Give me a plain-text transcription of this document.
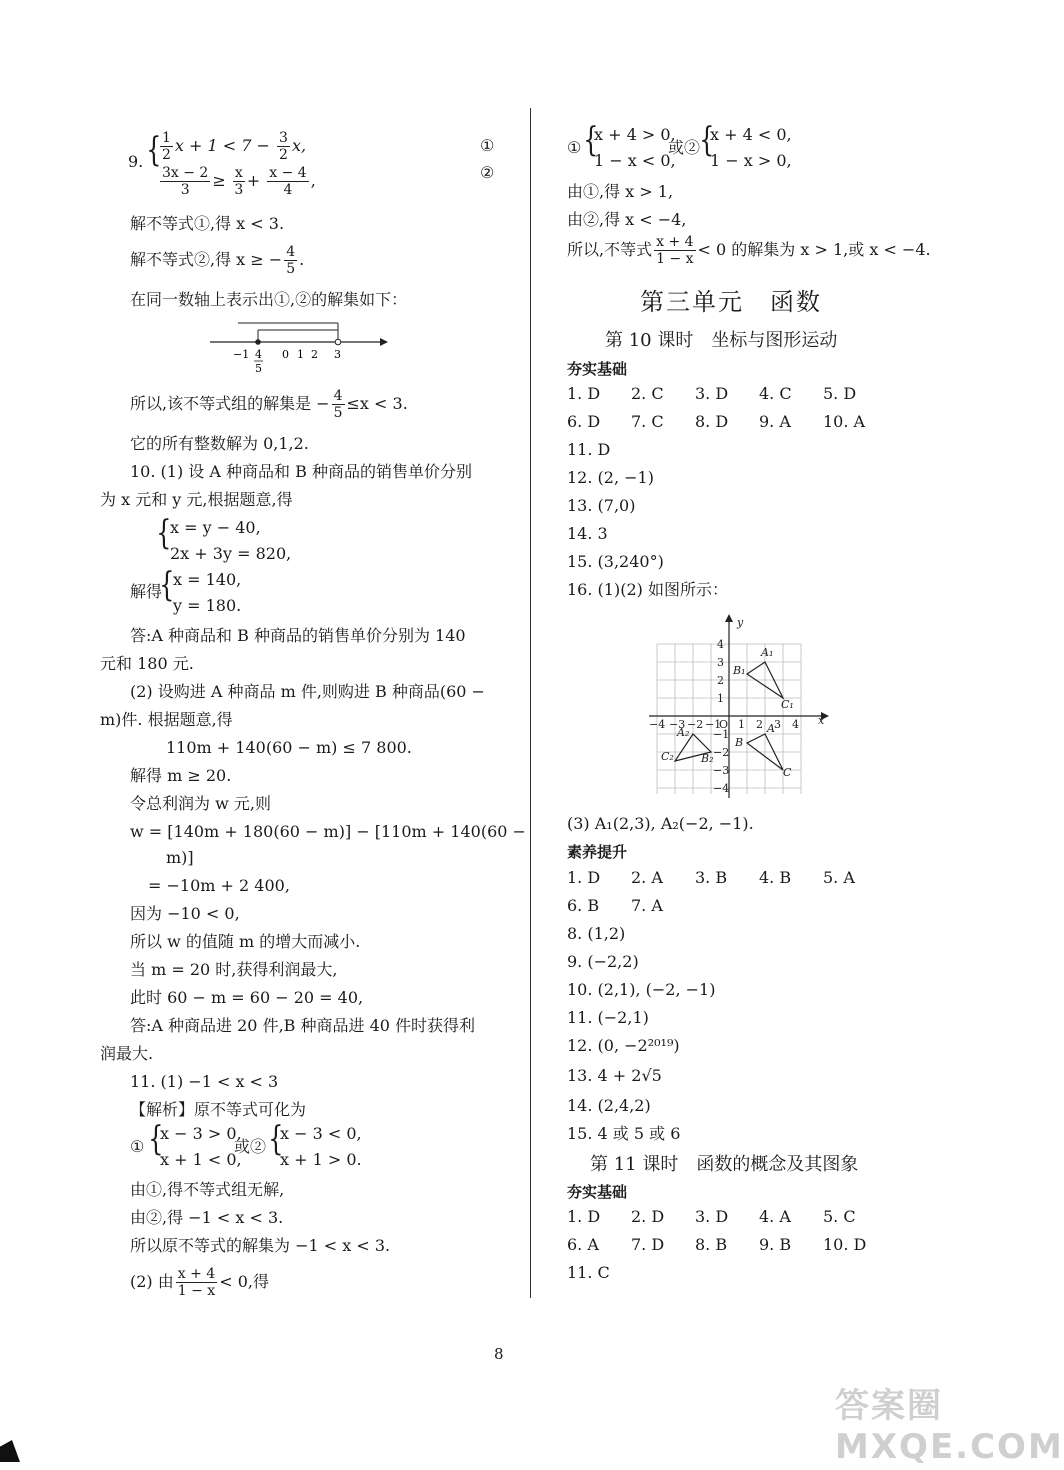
9. {
$\frac{1}{2}$ $x + 1 < 7 - \frac{3}{2} x$,
$\frac{3x - 2}{3} \ge \frac{x}{3} + \frac{x - 4}{4}$ ,
①
②
解不等式①,得 x < 3.
解不等式②,得 x ≥ − $\frac{4}{5}$ .
在同一数轴上表示出①,②的解集如下：
−1 4
5
0 1 2 3
所以,该不等式组的解集是 − $\frac{4}{5} \le x < 3$.
它的所有整数解为 0,1,2.
10. (1) 设 A 种商品和 B 种商品的销售单价分别
为 x 元和 y 元,根据题意,得
{
x = y − 40,
2x + 3y = 820,
解得
{
x = 140,
y = 180.
答:A 种商品和 B 种商品的销售单价分别为 140
元和 180 元.
(2) 设购进 A 种商品 m 件,则购进 B 种商品(60 −
m)件. 根据题意,得
110m + 140(60 − m) ≤ 7 800.
解得 m ≥ 20.
令总利润为 w 元,则
w = [140m + 180(60 − m)] − [110m + 140(60 −
m)]
= −10m + 2 400,
因为 −10 < 0,
所以 w 的值随 m 的增大而减小.
当 m = 20 时,获得利润最大,
此时 60 − m = 60 − 20 = 40,
答:A 种商品进 20 件,B 种商品进 40 件时获得利
润最大.
11. (1) −1 < x < 3
【解析】原不等式可化为
① {
x − 3 > 0,
x + 1 < 0,
或② {
x − 3 < 0,
x + 1 > 0.
由①,得不等式组无解,
由②,得 −1 < x < 3.
所以原不等式的解集为 −1 < x < 3.
(2) 由 $\frac{x + 4}{1 - x} < 0$,得
① {
x + 4 > 0,
1 − x < 0,
或② {
x + 4 < 0,
1 − x > 0,
由①,得 x > 1,
由②,得 x < −4,
所以,不等式 $\frac{x + 4}{1 - x} < 0$ 的解集为 x > 1,或 x < −4.
第三单元　函数
第 10 课时　坐标与图形运动
夯实基础
1. D	2. C	3. D	4. C	5. D
6. D	7. C	8. D	9. A	10. A
11. D
12. (2, −1)
13. (7,0)
14. 3
15. (3,240°)
16. (1)(2) 如图所示：
y
x
−4 −3 −2 −1
O 1 2 3 4
4
3
2
1
−1
−2
−3
−4
A₁
B₁
C₁
A
B
C
A₂
B₂
C₂
(3) A₁(2,3), A₂(−2, −1).
素养提升
1. D	2. A	3. B	4. B	5. A
6. B	7. A
8. (1,2)
9. (−2,2)
10. (2,1), (−2, −1)
11. (−2,1)
12. (0, −2²⁰¹⁹)
13. 4 + 2√5
14. (2,4,2)
15. 4 或 5 或 6
第 11 课时　函数的概念及其图象
夯实基础
1. D	2. D	3. D	4. A	5. C
6. A	7. D	8. B	9. B	10. D
11. C
8
答案圈 MXQE.COM
